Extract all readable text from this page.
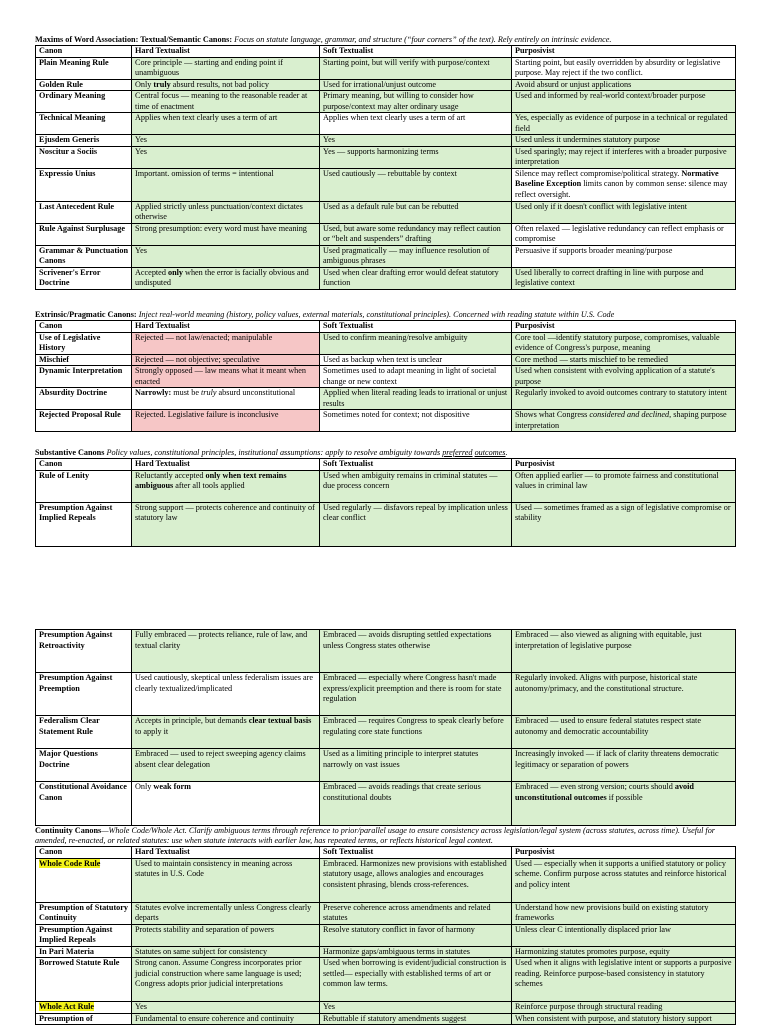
Maxims of Word Association: Textual/Semantic Canons: Focus on statute language, grammar, and structure (“four corners” of the text). Rely entirely on intrinsic evidence.
Canon	Hard Textualist	Soft Textualist	Purposivist
Plain Meaning Rule	Core principle — starting and ending point if unambiguous	Starting point, but will verify with purpose/context	Starting point, but easily overridden by absurdity or legislative purpose. May reject if the two conflict.
Golden Rule	Only truly absurd results, not bad policy	Used for irrational/unjust outcome	Avoid absurd or unjust applications
Ordinary Meaning	Central focus — meaning to the reasonable reader at time of enactment	Primary meaning, but willing to consider how purpose/context may alter ordinary usage	Used and informed by real-world context/broader purpose
Technical Meaning	Applies when text clearly uses a term of art	Applies when text clearly uses a term of art	Yes, especially as evidence of purpose in a technical or regulated field
Ejusdem Generis	Yes	Yes	Used unless it undermines statutory purpose
Noscitur a Sociis	Yes	Yes — supports harmonizing terms	Used sparingly; may reject if interferes with a broader purposive interpretation
Expressio Unius	Important. omission of terms = intentional	Used cautiously — rebuttable by context	Silence may reflect compromise/political strategy. Normative Baseline Exception limits canon by common sense: silence may reflect oversight.
Last Antecedent Rule	Applied strictly unless punctuation/context dictates otherwise	Used as a default rule but can be rebutted	Used only if it doesn't conflict with legislative intent
Rule Against Surplusage	Strong presumption: every word must have meaning	Used, but aware some redundancy may reflect caution or “belt and suspenders” drafting	Often relaxed — legislative redundancy can reflect emphasis or compromise
Grammar & Punctuation Canons	Yes	Used pragmatically — may influence resolution of ambiguous phrases	Persuasive if supports broader meaning/purpose
Scrivener's Error Doctrine	Accepted only when the error is facially obvious and undisputed	Used when clear drafting error would defeat statutory function	Used liberally to correct drafting in line with purpose and legislative context
Extrinsic/Pragmatic Canons: Inject real-world meaning (history, policy values, external materials, constitutional principles). Concerned with reading statute within U.S. Code
Canon	Hard Textualist	Soft Textualist	Purposivist
Use of Legislative History	Rejected — not law/enacted; manipulable	Used to confirm meaning/resolve ambiguity	Core tool —identify statutory purpose, compromises, valuable evidence of Congress's purpose, meaning
Mischief	Rejected — not objective; speculative	Used as backup when text is unclear	Core method — starts mischief to be remedied
Dynamic Interpretation	Strongly opposed — law means what it meant when enacted	Sometimes used to adapt meaning in light of societal change or new context	Used when consistent with evolving application of a statute's purpose
Absurdity Doctrine	Narrowly: must be truly absurd unconstitutional	Applied when literal reading leads to irrational or unjust results	Regularly invoked to avoid outcomes contrary to statutory intent
Rejected Proposal Rule	Rejected. Legislative failure is inconclusive	Sometimes noted for context; not dispositive	Shows what Congress considered and declined, shaping purpose interpretation
Substantive Canons Policy values, constitutional principles, institutional assumptions: apply to resolve ambiguity towards preferred outcomes.
Canon	Hard Textualist	Soft Textualist	Purposivist
Rule of Lenity	Reluctantly accepted only when text remains ambiguous after all tools applied	Used when ambiguity remains in criminal statutes — due process concern	Often applied earlier — to promote fairness and constitutional values in criminal law
Presumption Against Implied Repeals	Strong support — protects coherence and continuity of statutory law	Used regularly — disfavors repeal by implication unless clear conflict	Used — sometimes framed as a sign of legislative compromise or stability
Presumption Against Retroactivity	Fully embraced — protects reliance, rule of law, and textual clarity	Embraced — avoids disrupting settled expectations unless Congress states otherwise	Embraced — also viewed as aligning with equitable, just interpretation of legislative purpose
Presumption Against Preemption	Used cautiously, skeptical unless federalism issues are clearly textualized/implicated	Embraced — especially where Congress hasn't made express/explicit preemption and there is room for state regulation	Regularly invoked. Aligns with purpose, historical state autonomy/primacy, and the constitutional structure.
Federalism Clear Statement Rule	Accepts in principle, but demands clear textual basis to apply it	Embraced — requires Congress to speak clearly before regulating core state functions	Embraced — used to ensure federal statutes respect state autonomy and democratic accountability
Major Questions Doctrine	Embraced — used to reject sweeping agency claims absent clear delegation	Used as a limiting principle to interpret statutes narrowly on vast issues	Increasingly invoked — if lack of clarity threatens democratic legitimacy or separation of powers
Constitutional Avoidance Canon	Only weak form	Embraced — avoids readings that create serious constitutional doubts	Embraced — even strong version; courts should avoid unconstitutional outcomes if possible
Continuity Canons—Whole Code/Whole Act. Clarify ambiguous terms through reference to prior/parallel usage to ensure consistency across legislation/legal system (across statutes, across time). Useful for amended, re-enacted, or related statutes: use when statute interacts with earlier law, has repeated terms, or reflects historical legal context.
Canon	Hard Textualist	Soft Textualist	Purposivist
Whole Code Rule	Used to maintain consistency in meaning across statutes in U.S. Code	Embraced. Harmonizes new provisions with established statutory usage, allows analogies and encourages consistent phrasing, blends cross-references.	Used — especially when it supports a unified statutory or policy scheme. Confirm purpose across statutes and reinforce historical and policy intent
Presumption of Statutory Continuity	Statutes evolve incrementally unless Congress clearly departs	Preserve coherence across amendments and related statutes	Understand how new provisions build on existing statutory frameworks
Presumption Against Implied Repeals	Protects stability and separation of powers	Resolve statutory conflict in favor of harmony	Unless clear C intentionally displaced prior law
In Pari Materia	Statutes on same subject for consistency	Harmonize gaps/ambiguous terms in statutes	Harmonizing statutes promotes purpose, equity
Borrowed Statute Rule	Strong canon. Assume Congress incorporates prior judicial construction where same language is used; Congress adopts prior judicial interpretations	Used when borrowing is evident/judicial construction is settled— especially with established terms of art or common law terms.	Used when it aligns with legislative intent or supports a purposive reading. Reinforce purpose-based consistency in statutory schemes
Whole Act Rule	Yes	Yes	Reinforce purpose through structural reading
Presumption of	Fundamental to ensure coherence and continuity	Rebuttable if statutory amendments suggest	When consistent with purpose, and statutory history support
